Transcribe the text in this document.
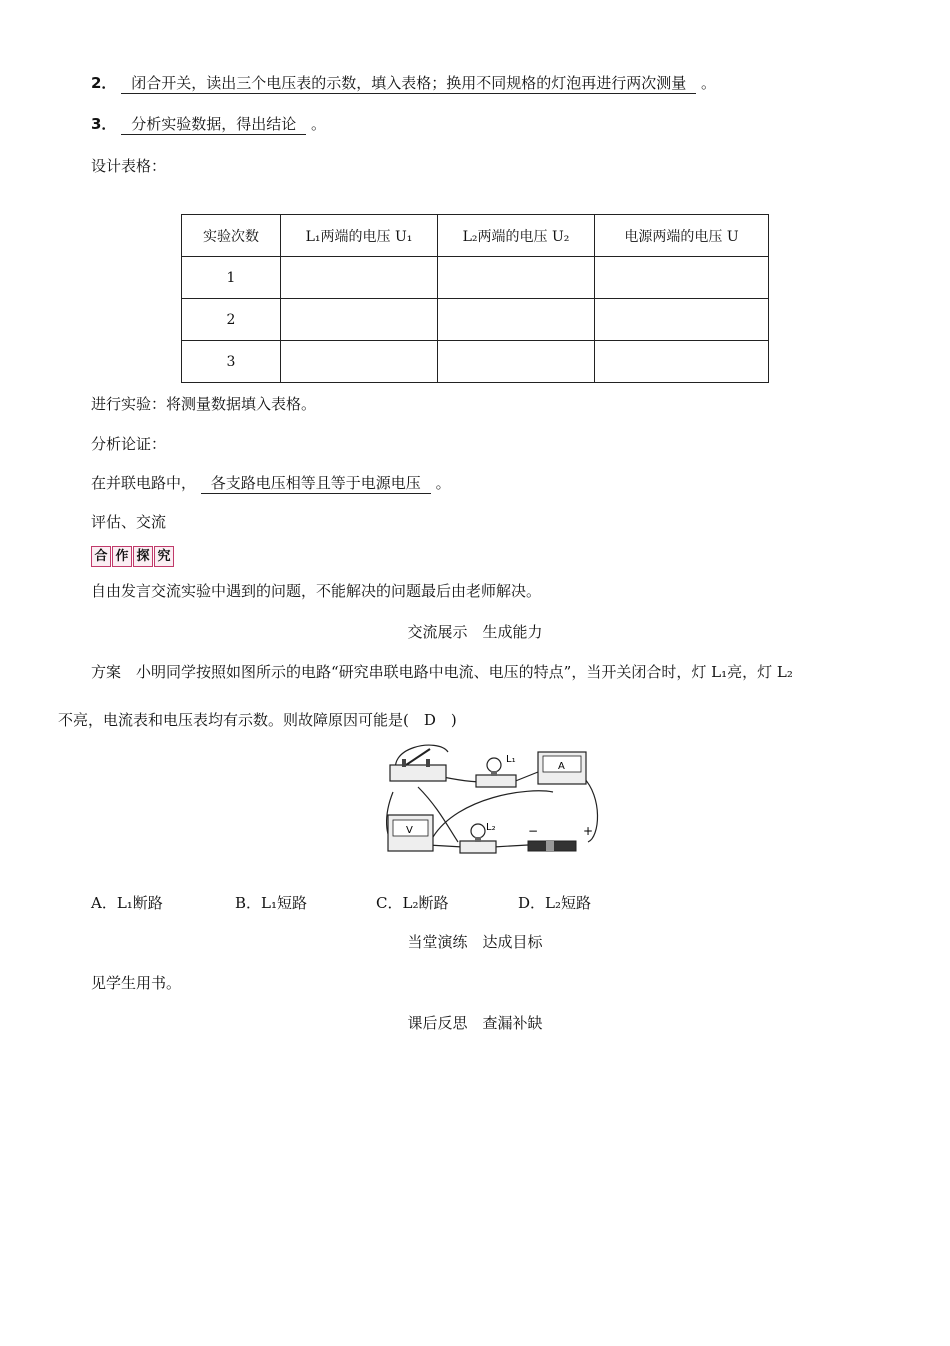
2． 闭合开关，读出三个电压表的示数，填入表格；换用不同规格的灯泡再进行两次测量 。
3． 分析实验数据，得出结论 。
设计表格：
实验次数	L₁两端的电压 U₁	L₂两端的电压 U₂	电源两端的电压 U
1			
2			
3			
进行实验：将测量数据填入表格。
分析论证：
在并联电路中， 各支路电压相等且等于电源电压 。
评估、交流
合 作 探 究
自由发言交流实验中遇到的问题，不能解决的问题最后由老师解决。
交流展示　生成能力
方案　小明同学按照如图所示的电路“研究串联电路中电流、电压的特点”，当开关闭合时，灯 L₁亮，灯 L₂
不亮，电流表和电压表均有示数。则故障原因可能是(　D　)
L₁
A
V	L₂	−	+
A．L₁断路	B．L₁短路	C．L₂断路	D．L₂短路
当堂演练　达成目标
见学生用书。
课后反思　查漏补缺
